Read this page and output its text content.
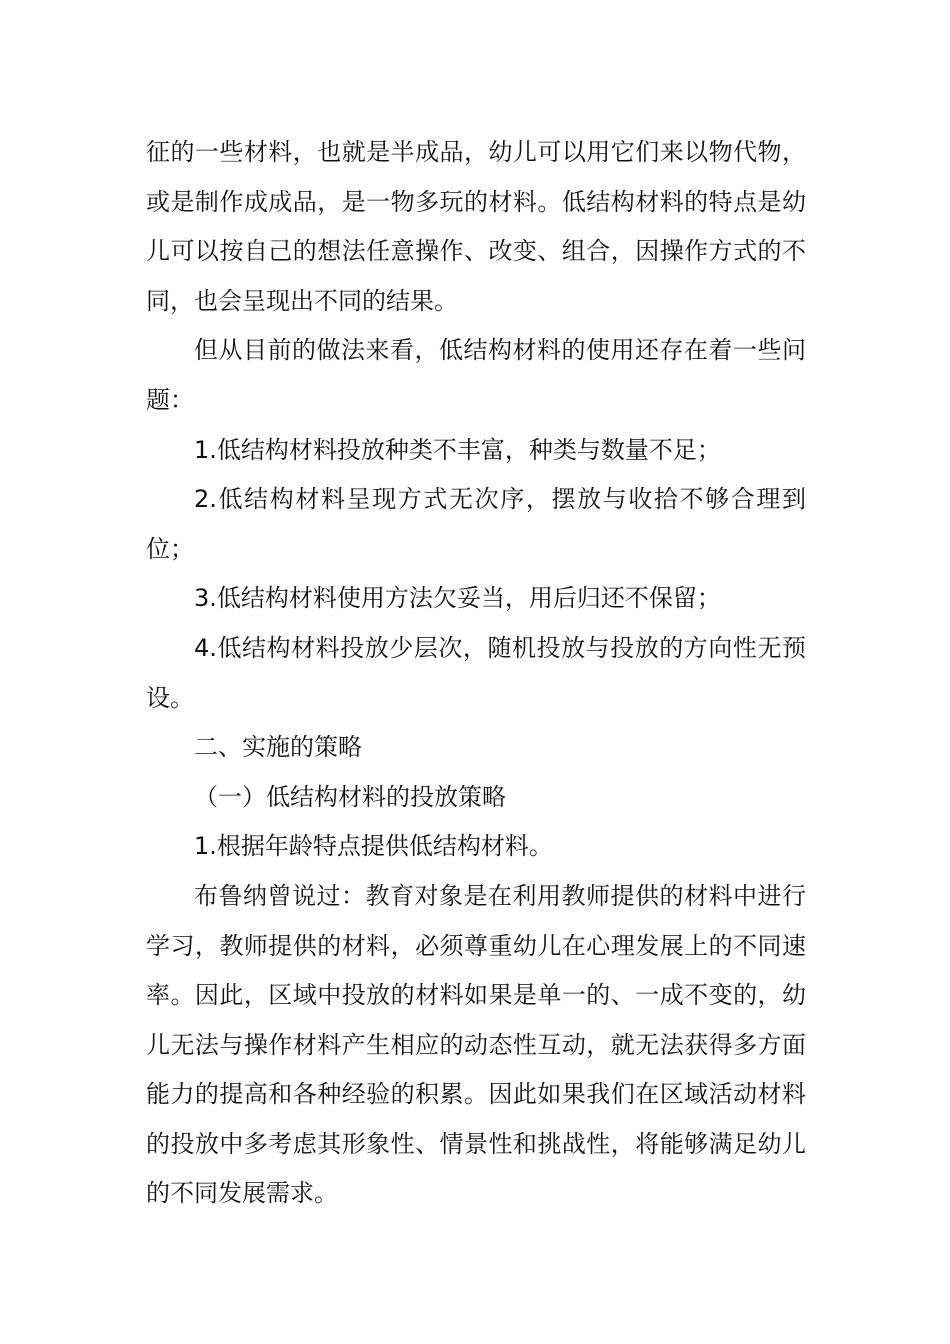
征的一些材料，也就是半成品，幼儿可以用它们来以物代物，或是制作成成品，是一物多玩的材料。低结构材料的特点是幼儿可以按自己的想法任意操作、改变、组合，因操作方式的不同，也会呈现出不同的结果。

但从目前的做法来看，低结构材料的使用还存在着一些问题：

1.低结构材料投放种类不丰富，种类与数量不足；

2.低结构材料呈现方式无次序，摆放与收拾不够合理到位；

3.低结构材料使用方法欠妥当，用后归还不保留；

4.低结构材料投放少层次，随机投放与投放的方向性无预设。

二、实施的策略

（一）低结构材料的投放策略

1.根据年龄特点提供低结构材料。

布鲁纳曾说过：教育对象是在利用教师提供的材料中进行学习，教师提供的材料，必须尊重幼儿在心理发展上的不同速率。因此，区域中投放的材料如果是单一的、一成不变的，幼儿无法与操作材料产生相应的动态性互动，就无法获得多方面能力的提高和各种经验的积累。因此如果我们在区域活动材料的投放中多考虑其形象性、情景性和挑战性，将能够满足幼儿的不同发展需求。
